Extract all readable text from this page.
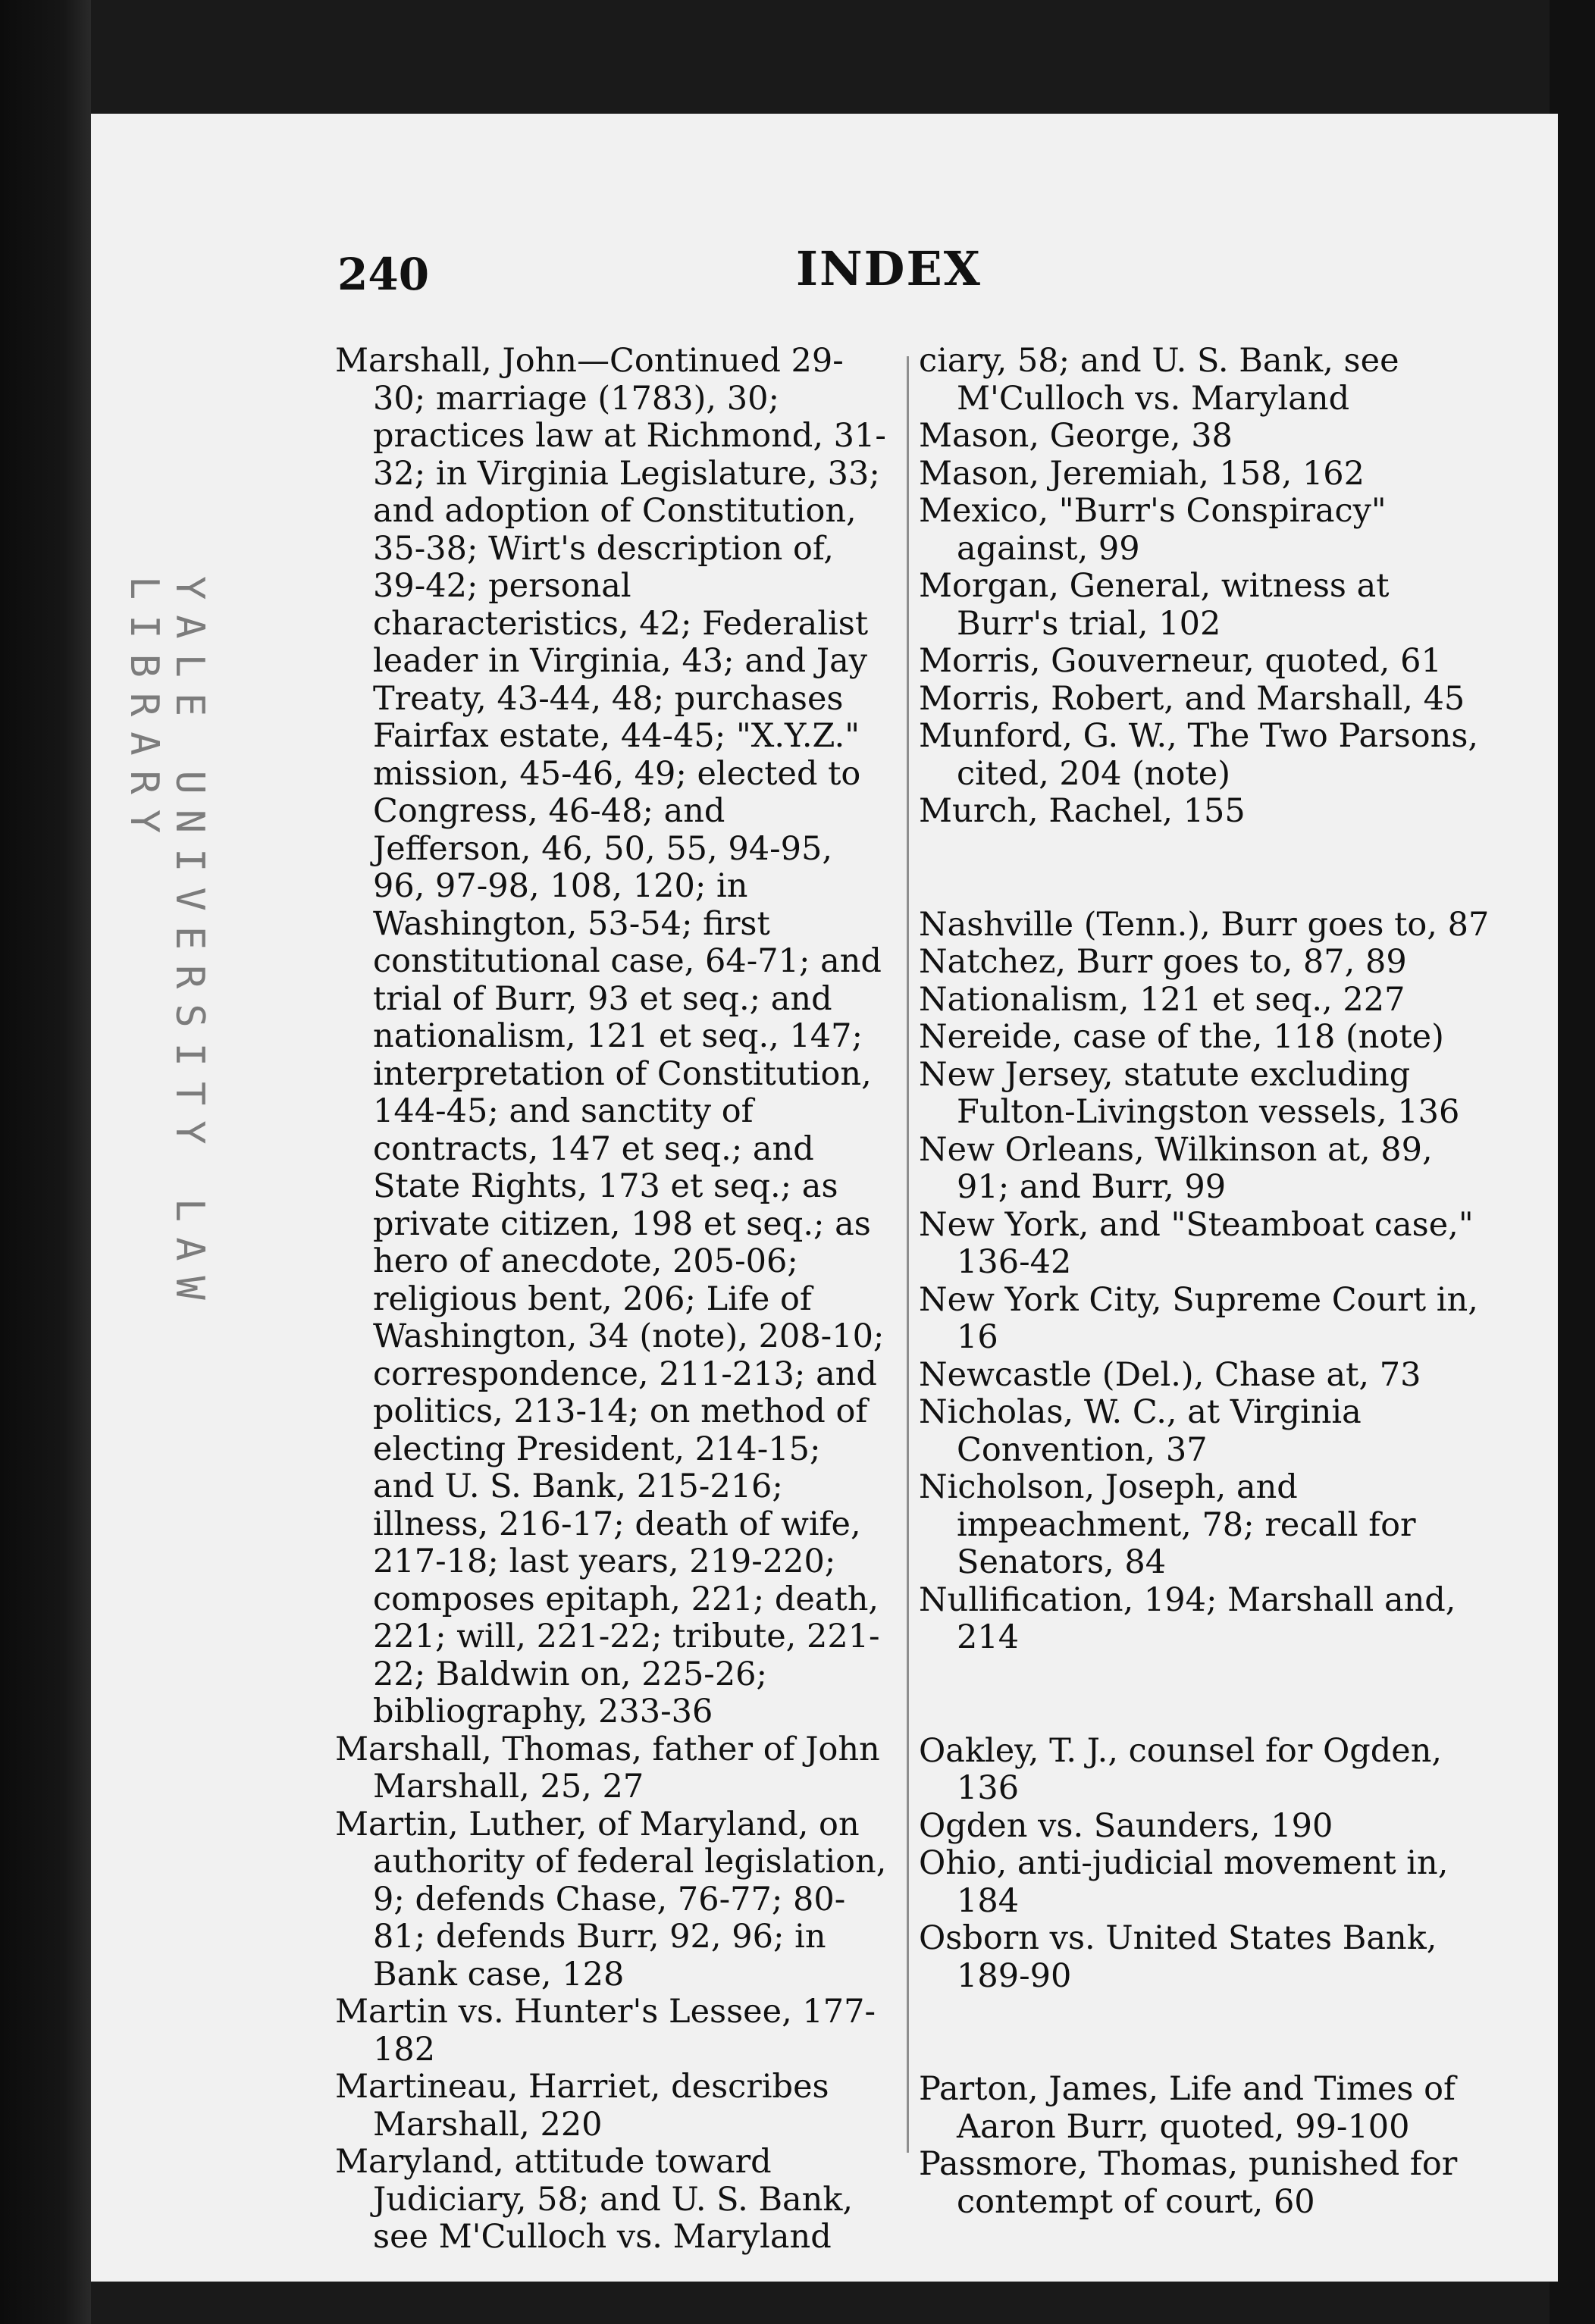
YALE UNIVERSITY LAW LIBRARY
240	INDEX

Marshall, John—Continued 29-30; marriage (1783), 30; practices law at Richmond, 31-32; in Virginia Legislature, 33; and adoption of Constitution, 35-38; Wirt's description of, 39-42; personal characteristics, 42; Federalist leader in Virginia, 43; and Jay Treaty, 43-44, 48; purchases Fairfax estate, 44-45; "X.Y.Z." mission, 45-46, 49; elected to Congress, 46-48; and Jefferson, 46, 50, 55, 94-95, 96, 97-98, 108, 120; in Washington, 53-54; first constitutional case, 64-71; and trial of Burr, 93 et seq.; and nationalism, 121 et seq., 147; interpretation of Constitution, 144-45; and sanctity of contracts, 147 et seq.; and State Rights, 173 et seq.; as private citizen, 198 et seq.; as hero of anecdote, 205-06; religious bent, 206; Life of Washington, 34 (note), 208-10; correspondence, 211-213; and politics, 213-14; on method of electing President, 214-15; and U. S. Bank, 215-216; illness, 216-17; death of wife, 217-18; last years, 219-220; composes epitaph, 221; death, 221; will, 221-22; tribute, 221-22; Baldwin on, 225-26; bibliography, 233-36

Marshall, Thomas, father of John Marshall, 25, 27

Martin, Luther, of Maryland, on authority of federal legislation, 9; defends Chase, 76-77; 80-81; defends Burr, 92, 96; in Bank case, 128

Martin vs. Hunter's Lessee, 177-182

Martineau, Harriet, describes Marshall, 220

Maryland, attitude toward Judiciary, 58; and U. S. Bank, see M'Culloch vs. Maryland

ciary, 58; and U. S. Bank, see M'Culloch vs. Maryland

Mason, George, 38

Mason, Jeremiah, 158, 162

Mexico, "Burr's Conspiracy" against, 99

Morgan, General, witness at Burr's trial, 102

Morris, Gouverneur, quoted, 61

Morris, Robert, and Marshall, 45

Munford, G. W., The Two Parsons, cited, 204 (note)

Murch, Rachel, 155

Nashville (Tenn.), Burr goes to, 87

Natchez, Burr goes to, 87, 89

Nationalism, 121 et seq., 227

Nereide, case of the, 118 (note)

New Jersey, statute excluding Fulton-Livingston vessels, 136

New Orleans, Wilkinson at, 89, 91; and Burr, 99

New York, and "Steamboat case," 136-42

New York City, Supreme Court in, 16

Newcastle (Del.), Chase at, 73

Nicholas, W. C., at Virginia Convention, 37

Nicholson, Joseph, and impeachment, 78; recall for Senators, 84

Nullification, 194; Marshall and, 214

Oakley, T. J., counsel for Ogden, 136

Ogden vs. Saunders, 190

Ohio, anti-judicial movement in, 184

Osborn vs. United States Bank, 189-90

Parton, James, Life and Times of Aaron Burr, quoted, 99-100

Passmore, Thomas, punished for contempt of court, 60
